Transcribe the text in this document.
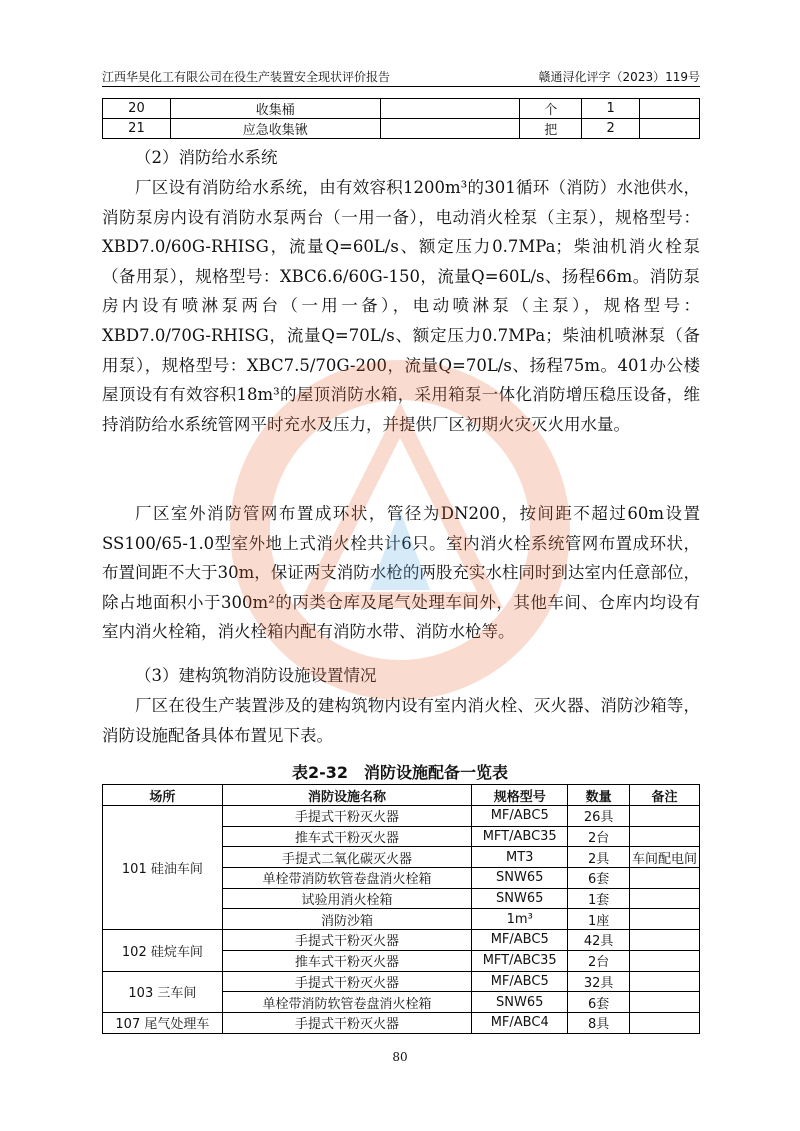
江西华昊化工有限公司在役生产装置安全现状评价报告	赣通浔化评字（2023）119号
20	收集桶		个	1	
21	应急收集锹		把	2	
（2）消防给水系统
厂区设有消防给水系统，由有效容积1200m³的301循环（消防）水池供水，消防泵房内设有消防水泵两台（一用一备），电动消火栓泵（主泵），规格型号：XBD7.0/60G-RHISG，流量Q=60L/s、额定压力0.7MPa；柴油机消火栓泵（备用泵），规格型号：XBC6.6/60G-150，流量Q=60L/s、扬程66m。消防泵房内设有喷淋泵两台（一用一备），电动喷淋泵（主泵），规格型号：XBD7.0/70G-RHISG，流量Q=70L/s、额定压力0.7MPa；柴油机喷淋泵（备用泵），规格型号：XBC7.5/70G-200，流量Q=70L/s、扬程75m。401办公楼屋顶设有有效容积18m³的屋顶消防水箱，采用箱泵一体化消防增压稳压设备，维持消防给水系统管网平时充水及压力，并提供厂区初期火灾灭火用水量。
厂区室外消防管网布置成环状，管径为DN200，按间距不超过60m设置SS100/65-1.0型室外地上式消火栓共计6只。室内消火栓系统管网布置成环状，布置间距不大于30m，保证两支消防水枪的两股充实水柱同时到达室内任意部位，除占地面积小于300m²的丙类仓库及尾气处理车间外，其他车间、仓库内均设有室内消火栓箱，消火栓箱内配有消防水带、消防水枪等。
（3）建构筑物消防设施设置情况
厂区在役生产装置涉及的建构筑物内设有室内消火栓、灭火器、消防沙箱等，消防设施配备具体布置见下表。
表2-32　消防设施配备一览表
场所	消防设施名称	规格型号	数量	备注
101 硅油车间	手提式干粉灭火器	MF/ABC5	26具	
	推车式干粉灭火器	MFT/ABC35	2台	
	手提式二氧化碳灭火器	MT3	2具	车间配电间
	单栓带消防软管卷盘消火栓箱	SNW65	6套	
	试验用消火栓箱	SNW65	1套	
	消防沙箱	1m³	1座	
102 硅烷车间	手提式干粉灭火器	MF/ABC5	42具	
	推车式干粉灭火器	MFT/ABC35	2台	
103 三车间	手提式干粉灭火器	MF/ABC5	32具	
	单栓带消防软管卷盘消火栓箱	SNW65	6套	
107 尾气处理车	手提式干粉灭火器	MF/ABC4	8具	
80
